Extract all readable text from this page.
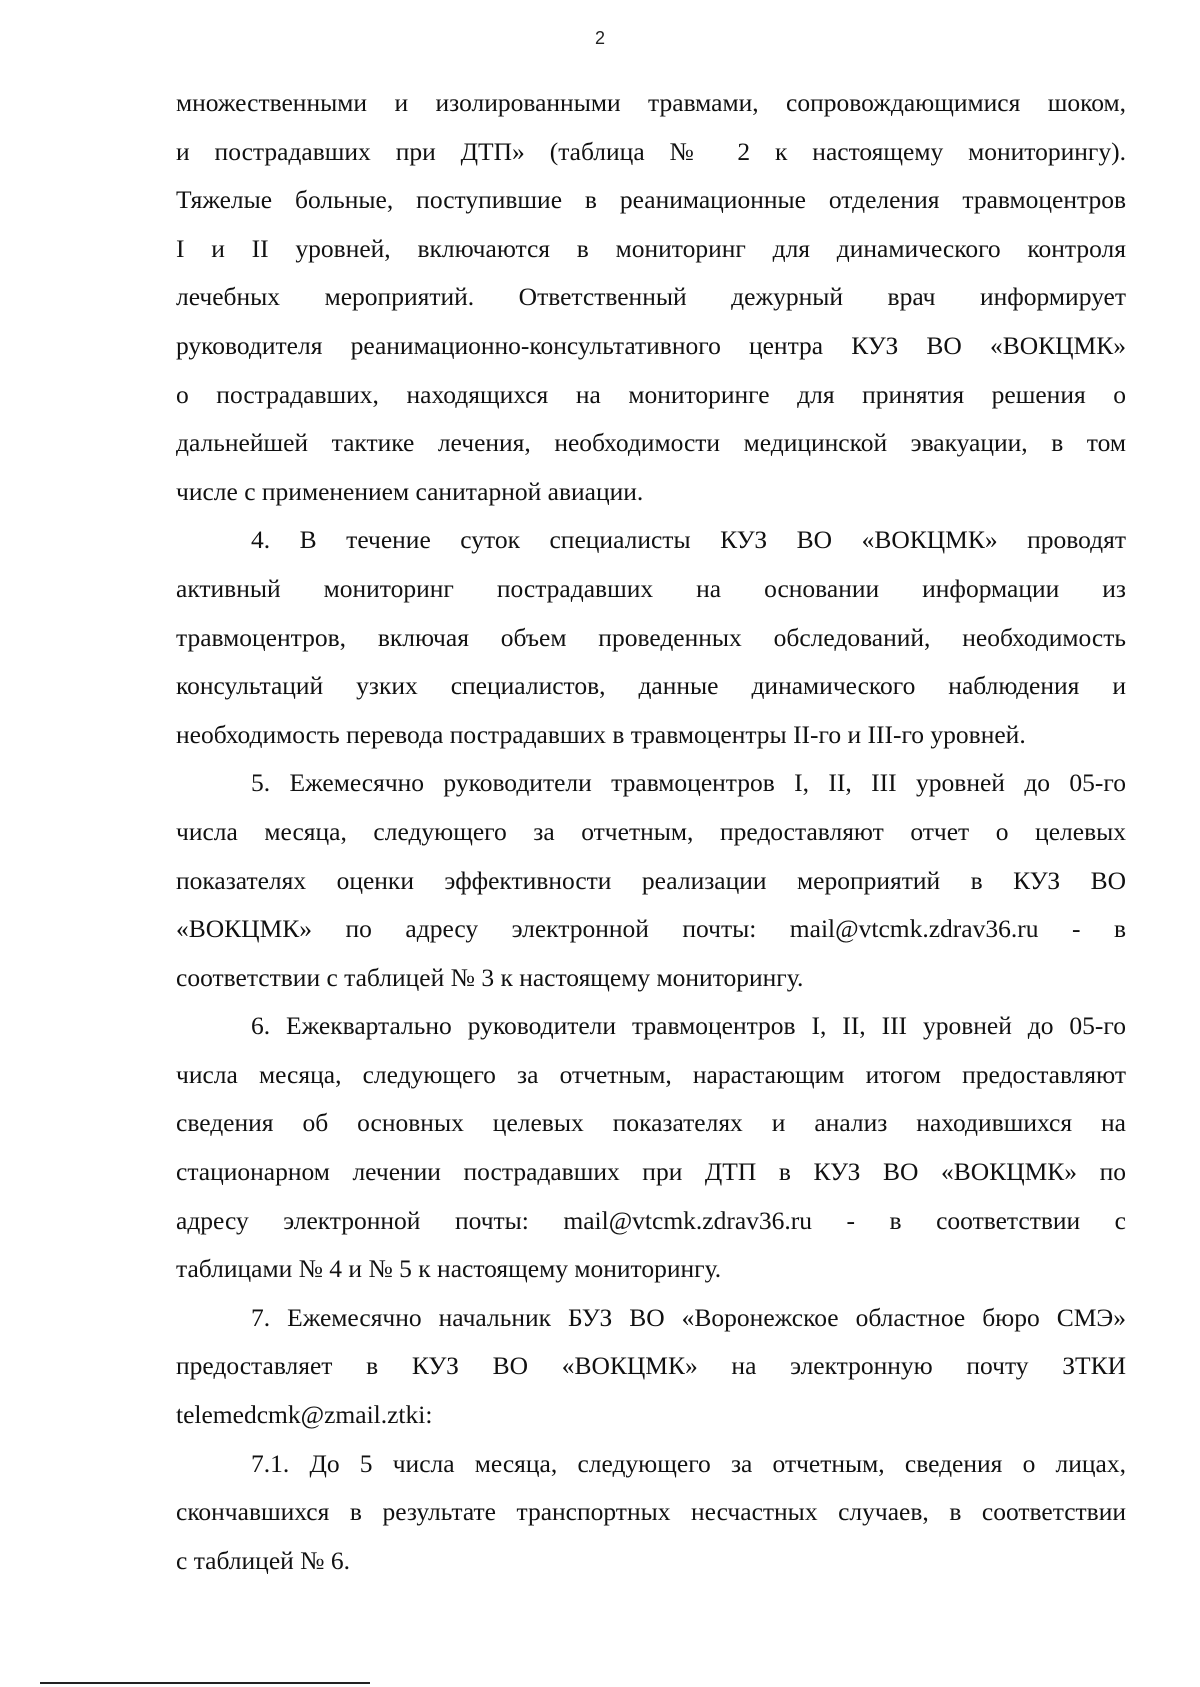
2
множественными и изолированными травмами, сопровождающимися шоком,
и пострадавших при ДТП» (таблица № 2 к настоящему мониторингу).
Тяжелые больные, поступившие в реанимационные отделения травмоцентров
I и II уровней, включаются в мониторинг для динамического контроля
лечебных мероприятий. Ответственный дежурный врач информирует
руководителя реанимационно-консультативного центра КУЗ ВО «ВОКЦМК»
о пострадавших, находящихся на мониторинге для принятия решения о
дальнейшей тактике лечения, необходимости медицинской эвакуации, в том
числе с применением санитарной авиации.
4. В течение суток специалисты КУЗ ВО «ВОКЦМК» проводят
активный мониторинг пострадавших на основании информации из
травмоцентров, включая объем проведенных обследований, необходимость
консультаций узких специалистов, данные динамического наблюдения и
необходимость перевода пострадавших в травмоцентры II-го и III-го уровней.
5. Ежемесячно руководители травмоцентров I, II, III уровней до 05-го
числа месяца, следующего за отчетным, предоставляют отчет о целевых
показателях оценки эффективности реализации мероприятий в КУЗ ВО
«ВОКЦМК» по адресу электронной почты: mail@vtcmk.zdrav36.ru - в
соответствии с таблицей № 3 к настоящему мониторингу.
6. Ежеквартально руководители травмоцентров I, II, III уровней до 05-го
числа месяца, следующего за отчетным, нарастающим итогом предоставляют
сведения об основных целевых показателях и анализ находившихся на
стационарном лечении пострадавших при ДТП в КУЗ ВО «ВОКЦМК» по
адресу электронной почты: mail@vtcmk.zdrav36.ru - в соответствии с
таблицами № 4 и № 5 к настоящему мониторингу.
7. Ежемесячно начальник БУЗ ВО «Воронежское областное бюро СМЭ»
предоставляет в КУЗ ВО «ВОКЦМК» на электронную почту ЗТКИ
telemedcmk@zmail.ztki:
7.1. До 5 числа месяца, следующего за отчетным, сведения о лицах,
скончавшихся в результате транспортных несчастных случаев, в соответствии
с таблицей № 6.
